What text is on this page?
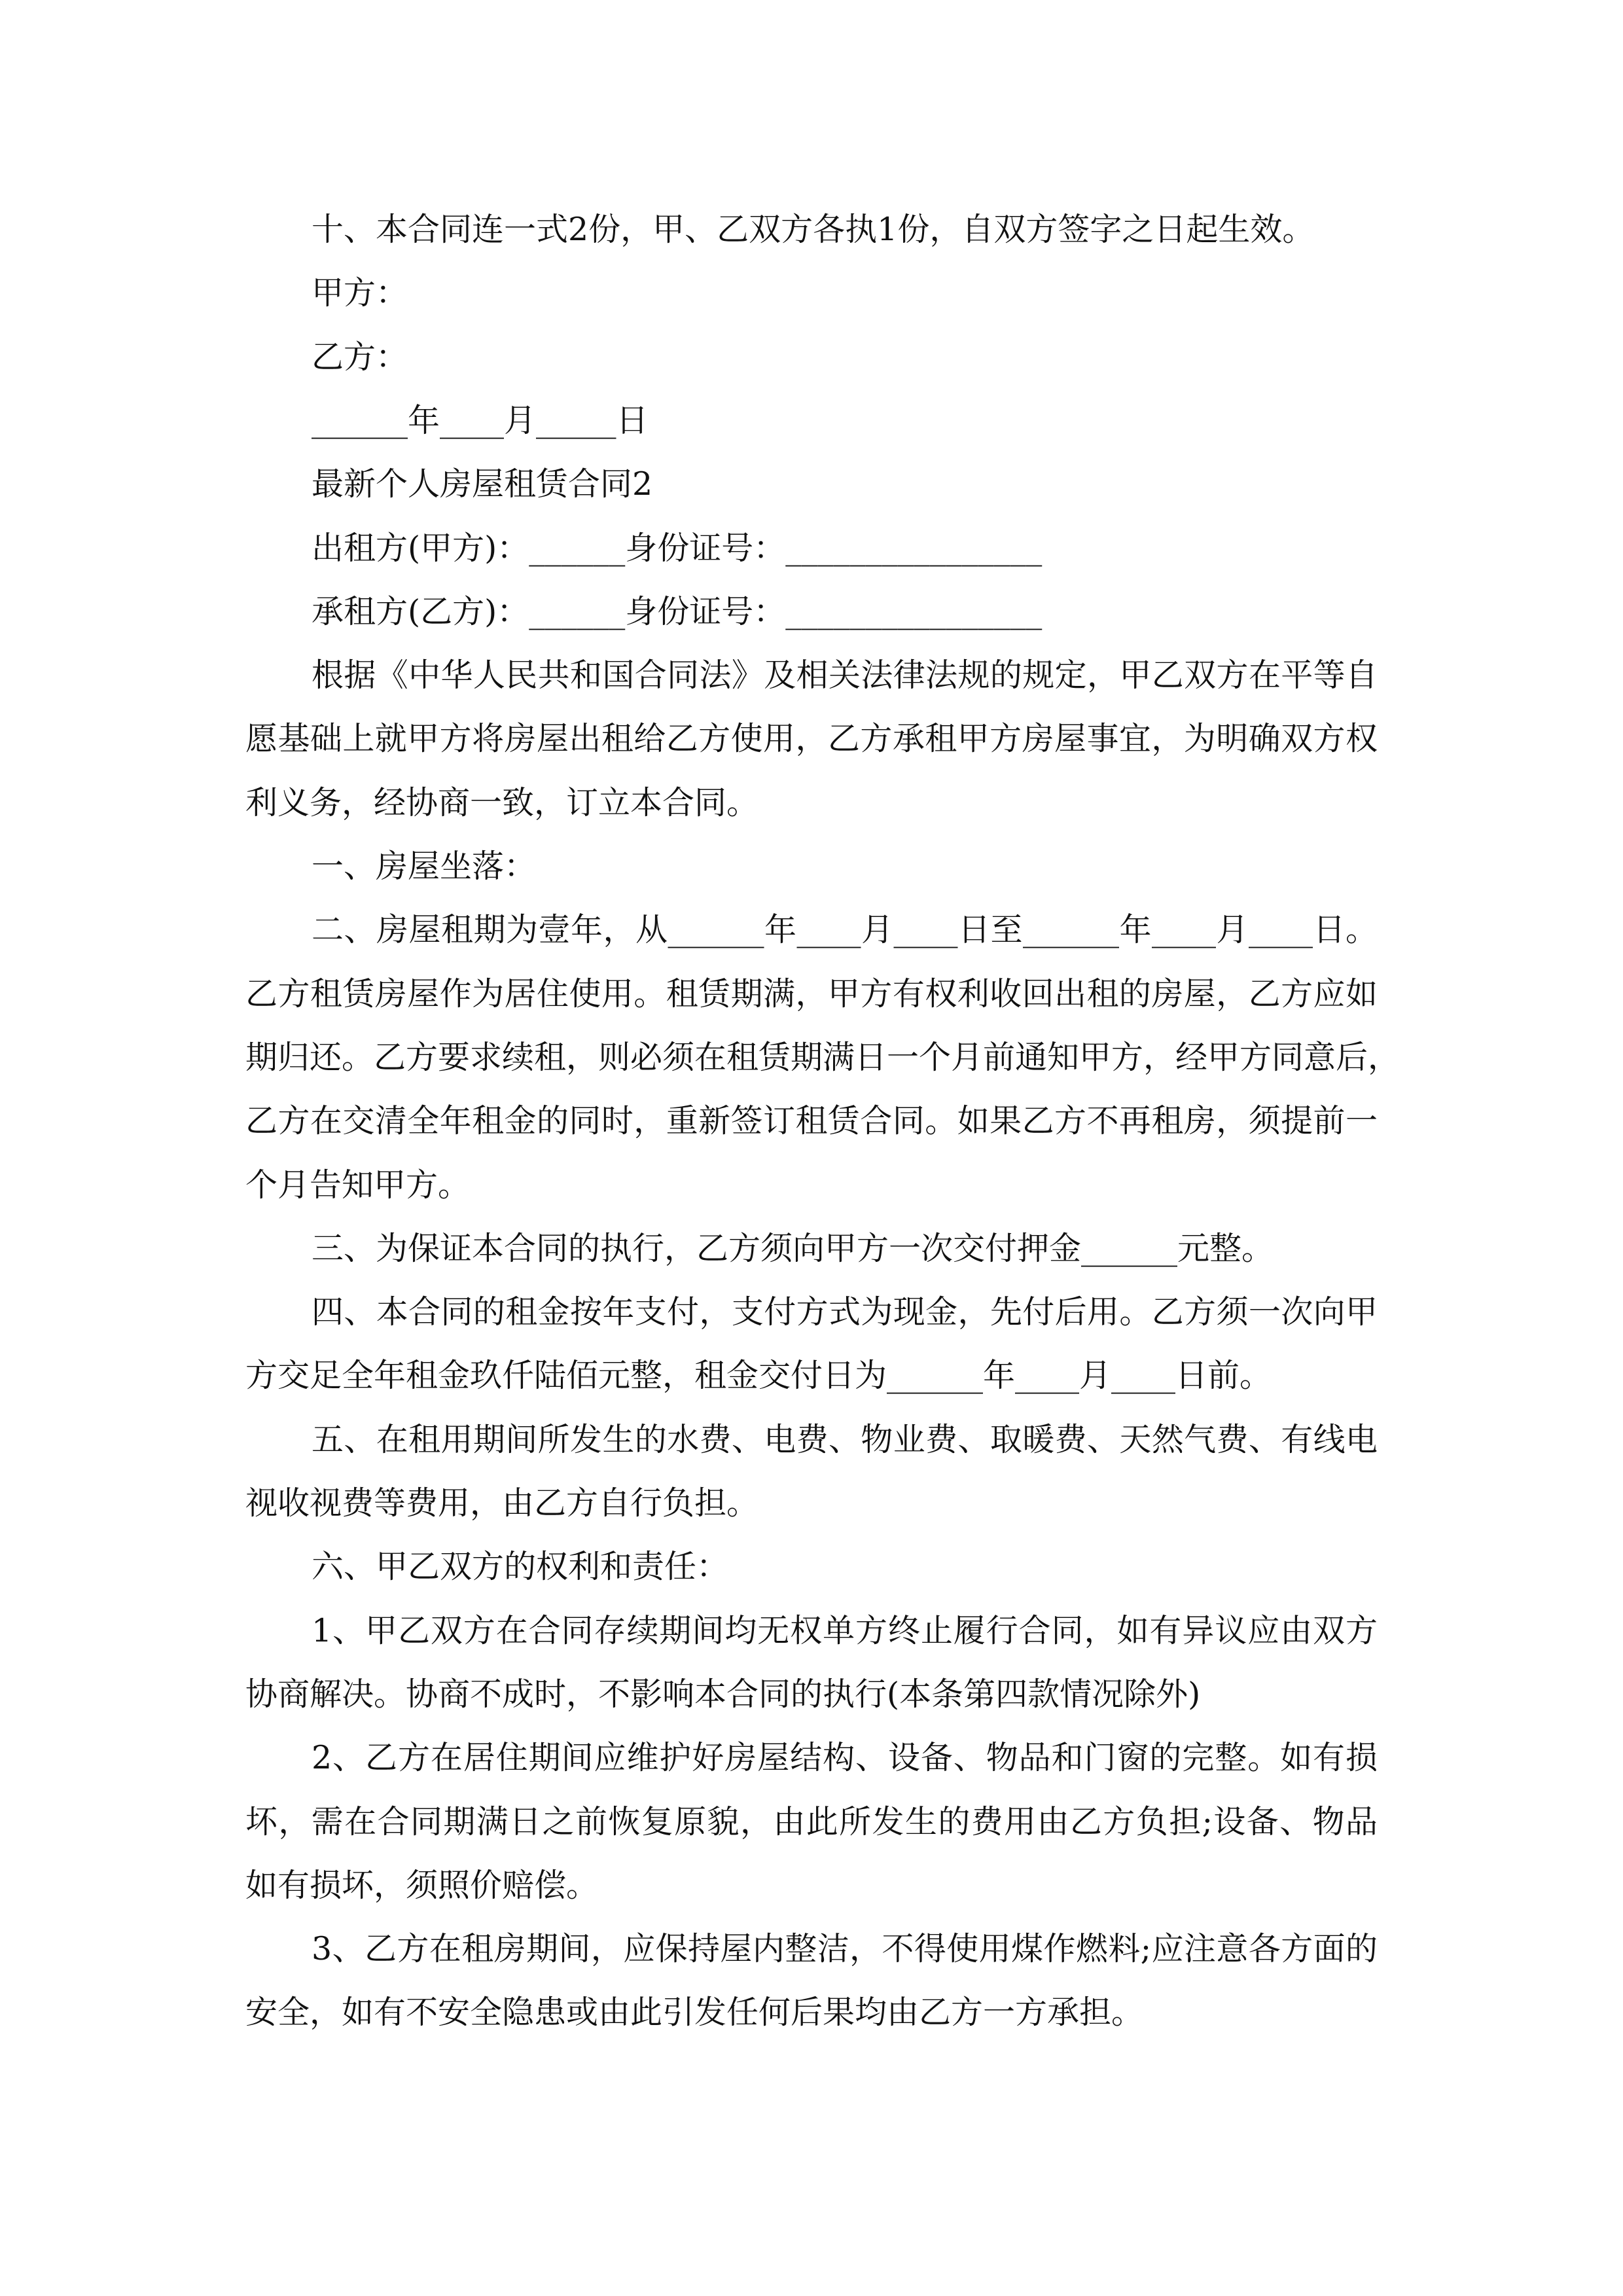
十、本合同连一式2份，甲、乙双方各执1份，自双方签字之日起生效。
甲方：
乙方：
______年____月_____日
最新个人房屋租赁合同2
出租方(甲方)：______身份证号：________________
承租方(乙方)：______身份证号：________________
根据《中华人民共和国合同法》及相关法律法规的规定，甲乙双方在平等自
愿基础上就甲方将房屋出租给乙方使用，乙方承租甲方房屋事宜，为明确双方权
利义务，经协商一致，订立本合同。
一、房屋坐落：
二、房屋租期为壹年，从______年____月____日至______年____月____日。
乙方租赁房屋作为居住使用。租赁期满，甲方有权利收回出租的房屋，乙方应如
期归还。乙方要求续租，则必须在租赁期满日一个月前通知甲方，经甲方同意后，
乙方在交清全年租金的同时，重新签订租赁合同。如果乙方不再租房，须提前一
个月告知甲方。
三、为保证本合同的执行，乙方须向甲方一次交付押金______元整。
四、本合同的租金按年支付，支付方式为现金，先付后用。乙方须一次向甲
方交足全年租金玖仟陆佰元整，租金交付日为______年____月____日前。
五、在租用期间所发生的水费、电费、物业费、取暖费、天然气费、有线电
视收视费等费用，由乙方自行负担。
六、甲乙双方的权利和责任：
1、甲乙双方在合同存续期间均无权单方终止履行合同，如有异议应由双方
协商解决。协商不成时，不影响本合同的执行(本条第四款情况除外)
2、乙方在居住期间应维护好房屋结构、设备、物品和门窗的完整。如有损
坏，需在合同期满日之前恢复原貌，由此所发生的费用由乙方负担;设备、物品
如有损坏，须照价赔偿。
3、乙方在租房期间，应保持屋内整洁，不得使用煤作燃料;应注意各方面的
安全，如有不安全隐患或由此引发任何后果均由乙方一方承担。
